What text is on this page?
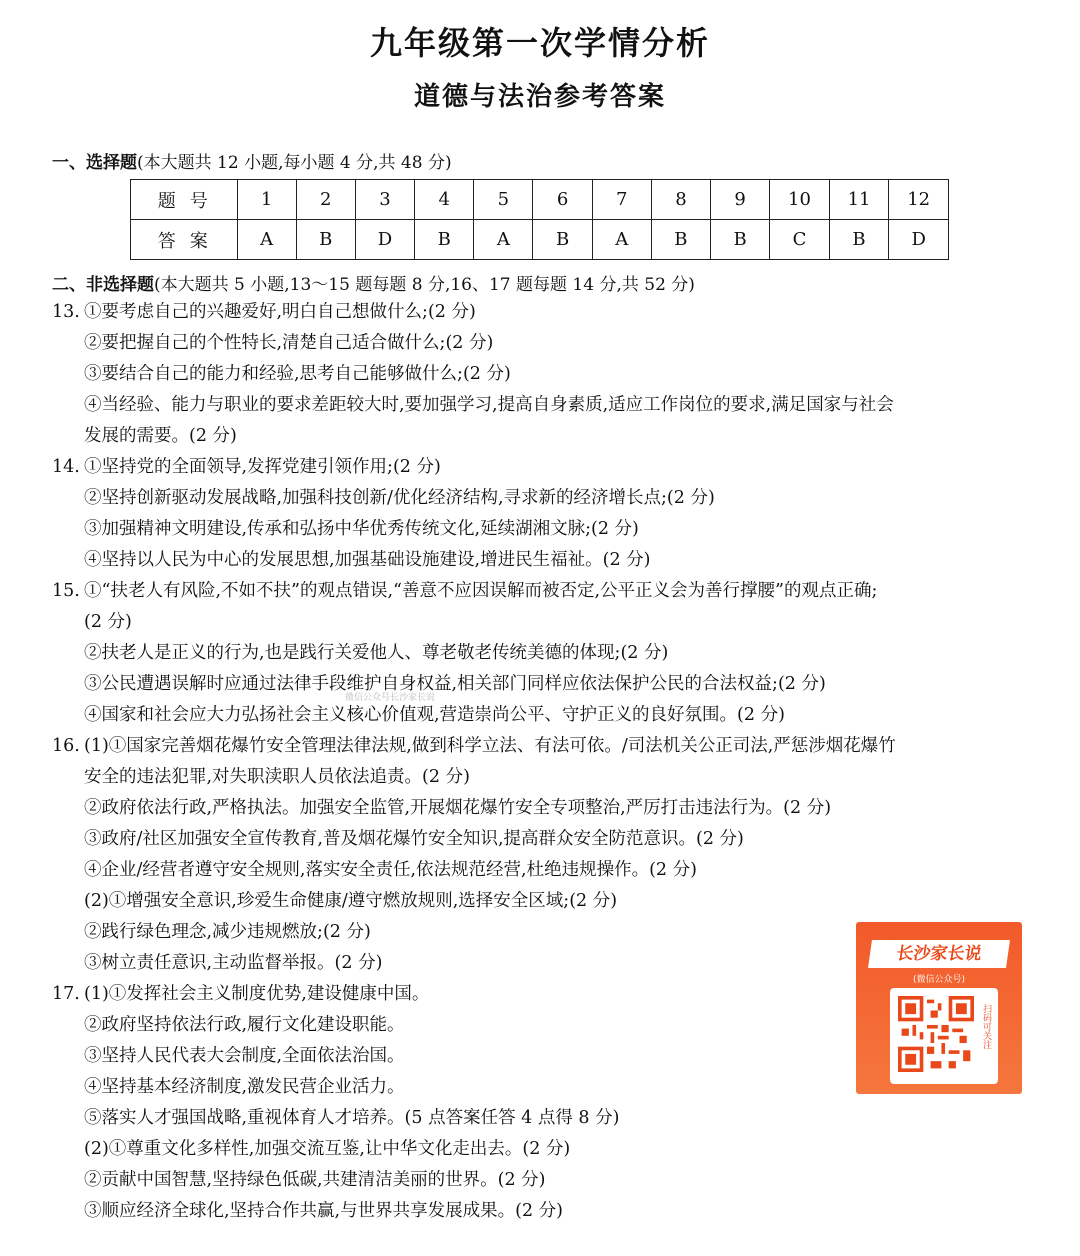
九年级第一次学情分析
道德与法治参考答案
一、选择题(本大题共 12 小题,每小题 4 分,共 48 分)
题号	1	2	3	4	5	6	7	8	9	10	11	12
答案	A	B	D	B	A	B	A	B	B	C	B	D
二、非选择题(本大题共 5 小题,13～15 题每题 8 分,16、17 题每题 14 分,共 52 分)
13. ①要考虑自己的兴趣爱好,明白自己想做什么;(2 分)
②要把握自己的个性特长,清楚自己适合做什么;(2 分)
③要结合自己的能力和经验,思考自己能够做什么;(2 分)
④当经验、能力与职业的要求差距较大时,要加强学习,提高自身素质,适应工作岗位的要求,满足国家与社会
发展的需要。(2 分)
14. ①坚持党的全面领导,发挥党建引领作用;(2 分)
②坚持创新驱动发展战略,加强科技创新/优化经济结构,寻求新的经济增长点;(2 分)
③加强精神文明建设,传承和弘扬中华优秀传统文化,延续湖湘文脉;(2 分)
④坚持以人民为中心的发展思想,加强基础设施建设,增进民生福祉。(2 分)
15. ①“扶老人有风险,不如不扶”的观点错误,“善意不应因误解而被否定,公平正义会为善行撑腰”的观点正确;
(2 分)
②扶老人是正义的行为,也是践行关爱他人、尊老敬老传统美德的体现;(2 分)
③公民遭遇误解时应通过法律手段维护自身权益,相关部门同样应依法保护公民的合法权益;(2 分)
④国家和社会应大力弘扬社会主义核心价值观,营造崇尚公平、守护正义的良好氛围。(2 分)
16. (1)①国家完善烟花爆竹安全管理法律法规,做到科学立法、有法可依。/司法机关公正司法,严惩涉烟花爆竹
安全的违法犯罪,对失职渎职人员依法追责。(2 分)
②政府依法行政,严格执法。加强安全监管,开展烟花爆竹安全专项整治,严厉打击违法行为。(2 分)
③政府/社区加强安全宣传教育,普及烟花爆竹安全知识,提高群众安全防范意识。(2 分)
④企业/经营者遵守安全规则,落实安全责任,依法规范经营,杜绝违规操作。(2 分)
(2)①增强安全意识,珍爱生命健康/遵守燃放规则,选择安全区域;(2 分)
②践行绿色理念,减少违规燃放;(2 分)
③树立责任意识,主动监督举报。(2 分)
17. (1)①发挥社会主义制度优势,建设健康中国。
②政府坚持依法行政,履行文化建设职能。
③坚持人民代表大会制度,全面依法治国。
④坚持基本经济制度,激发民营企业活力。
⑤落实人才强国战略,重视体育人才培养。(5 点答案任答 4 点得 8 分)
(2)①尊重文化多样性,加强交流互鉴,让中华文化走出去。(2 分)
②贡献中国智慧,坚持绿色低碳,共建清洁美丽的世界。(2 分)
③顺应经济全球化,坚持合作共赢,与世界共享发展成果。(2 分)
微信公众号长沙家长说
长沙家长说
(微信公众号)
扫码可关注
